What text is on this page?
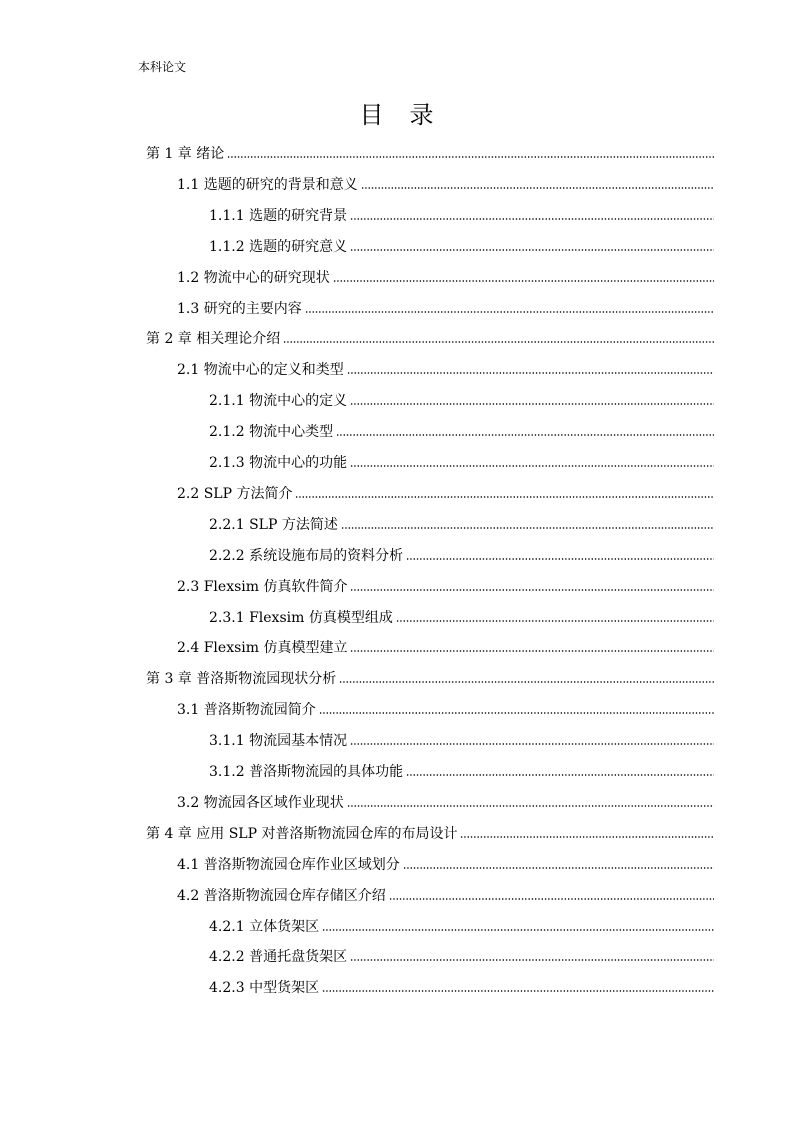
本科论文
目录
第 1 章 绪论
1.1 选题的研究的背景和意义
1.1.1 选题的研究背景
1.1.2 选题的研究意义
1.2 物流中心的研究现状
1.3 研究的主要内容
第 2 章 相关理论介绍
2.1 物流中心的定义和类型
2.1.1 物流中心的定义
2.1.2 物流中心类型
2.1.3 物流中心的功能
2.2 SLP 方法简介
2.2.1 SLP 方法简述
2.2.2 系统设施布局的资料分析
2.3 Flexsim 仿真软件简介
2.3.1 Flexsim 仿真模型组成
2.4 Flexsim 仿真模型建立
第 3 章 普洛斯物流园现状分析
3.1 普洛斯物流园简介
3.1.1 物流园基本情况
3.1.2 普洛斯物流园的具体功能
3.2 物流园各区域作业现状
第 4 章 应用 SLP 对普洛斯物流园仓库的布局设计
4.1 普洛斯物流园仓库作业区域划分
4.2 普洛斯物流园仓库存储区介绍
4.2.1 立体货架区
4.2.2 普通托盘货架区
4.2.3 中型货架区
